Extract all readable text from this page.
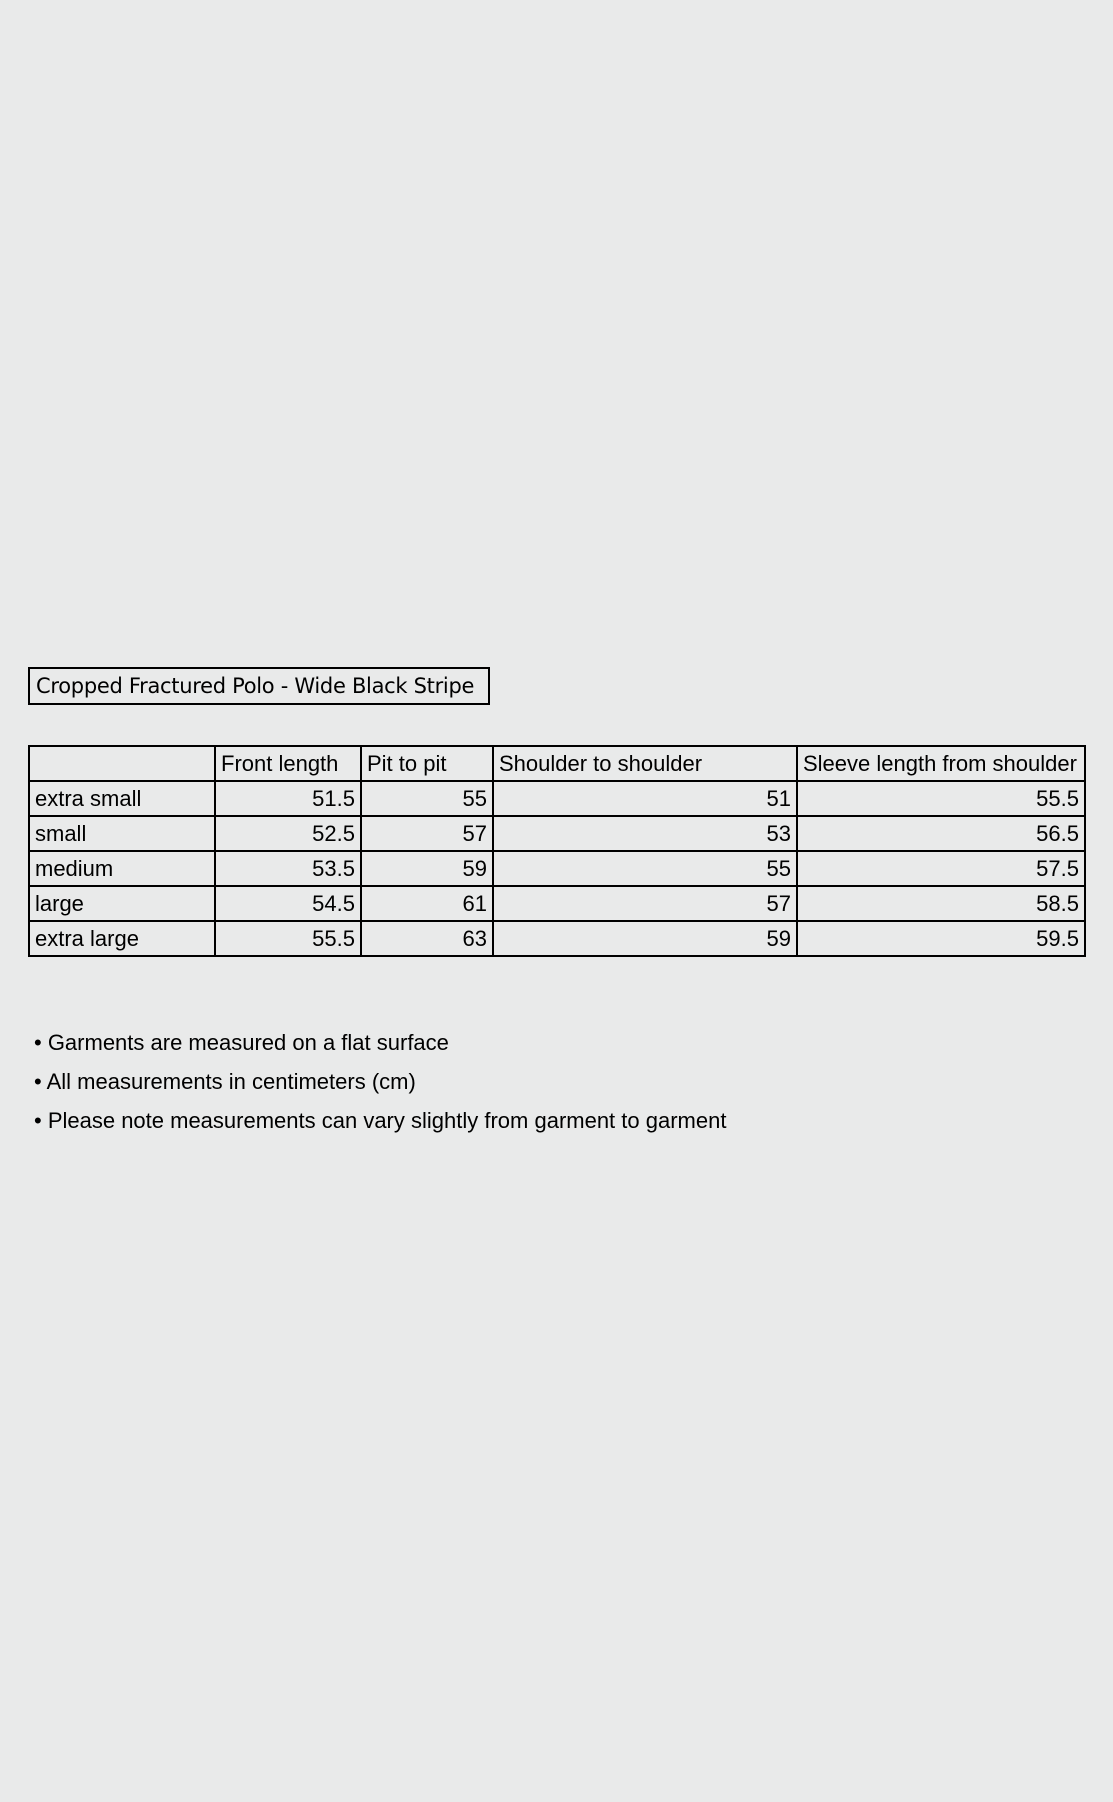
Cropped Fractured Polo - Wide Black Stripe
	Front length	Pit to pit	Shoulder to shoulder	Sleeve length from shoulder
extra small	51.5	55	51	55.5
small	52.5	57	53	56.5
medium	53.5	59	55	57.5
large	54.5	61	57	58.5
extra large	55.5	63	59	59.5
• Garments are measured on a flat surface
• All measurements in centimeters (cm)
• Please note measurements can vary slightly from garment to garment
